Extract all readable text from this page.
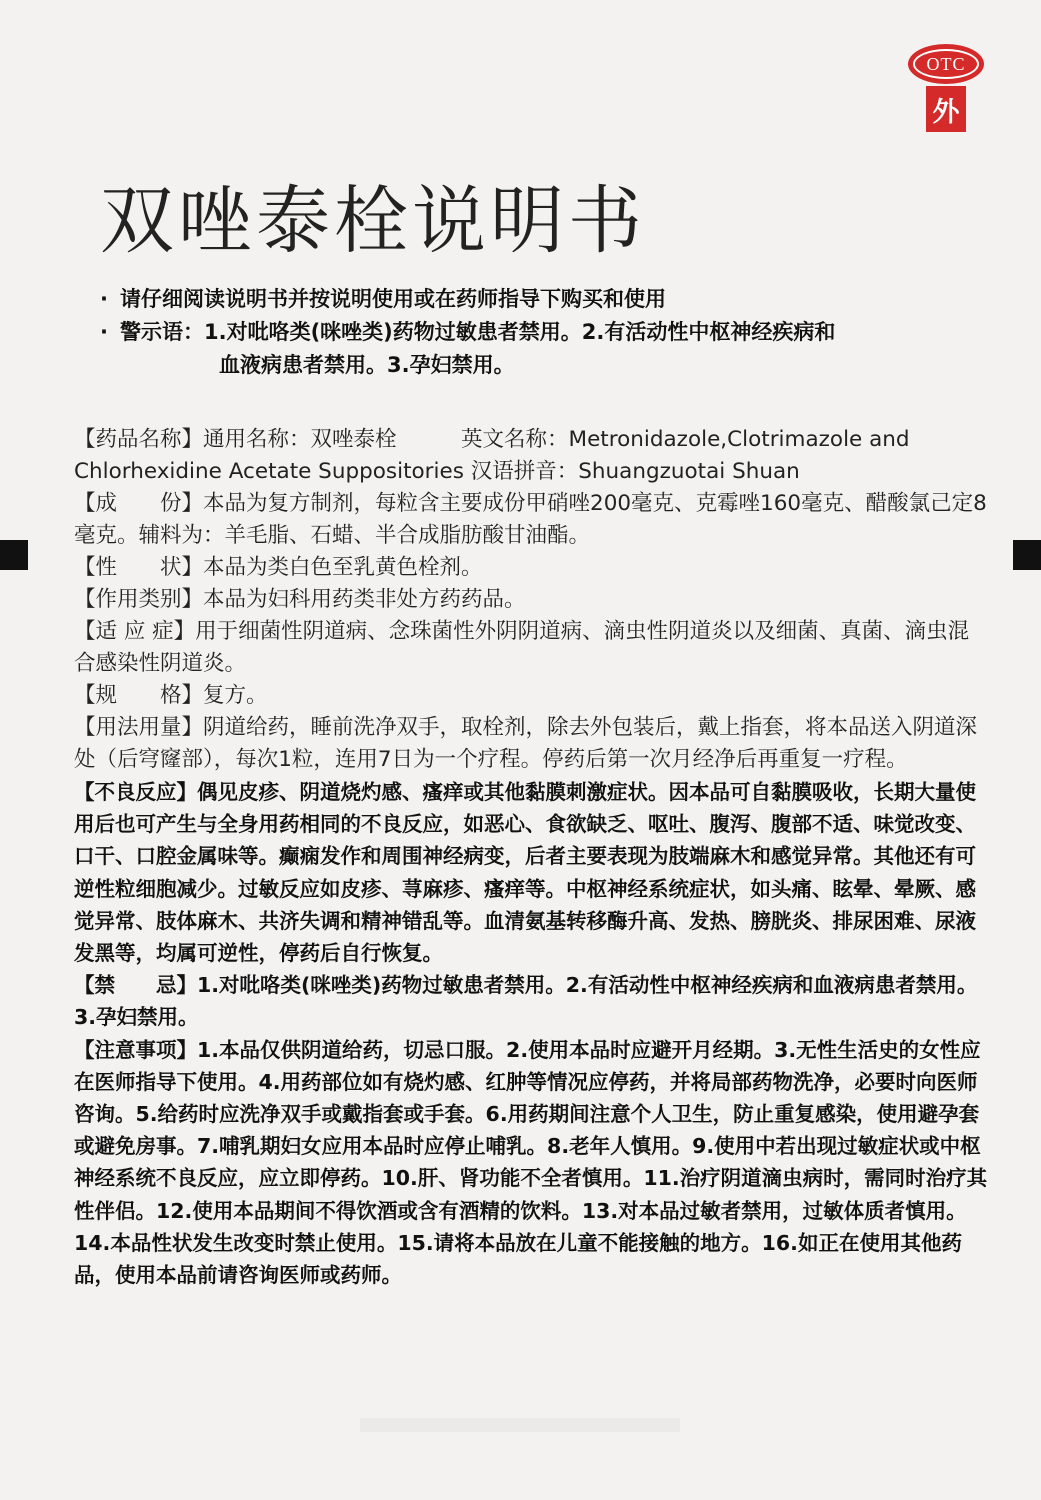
OTC
外
双唑泰栓说明书
· 请仔细阅读说明书并按说明使用或在药师指导下购买和使用
· 警示语： 1.对吡咯类(咪唑类)药物过敏患者禁用。2.有活动性中枢神经疾病和
血液病患者禁用。3.孕妇禁用。

【药品名称】通用名称：双唑泰栓　　　英文名称：Metronidazole,Clotrimazole and Chlorhexidine Acetate Suppositories 汉语拼音：Shuangzuotai Shuan

【成　　份】本品为复方制剂，每粒含主要成份甲硝唑200毫克、克霉唑160毫克、醋酸氯己定8毫克。辅料为：羊毛脂、石蜡、半合成脂肪酸甘油酯。

【性　　状】本品为类白色至乳黄色栓剂。

【作用类别】本品为妇科用药类非处方药药品。

【适 应 症】用于细菌性阴道病、念珠菌性外阴阴道病、滴虫性阴道炎以及细菌、真菌、滴虫混合感染性阴道炎。

【规　　格】复方。

【用法用量】阴道给药，睡前洗净双手，取栓剂，除去外包装后，戴上指套，将本品送入阴道深处（后穹窿部），每次1粒，连用7日为一个疗程。停药后第一次月经净后再重复一疗程。

【不良反应】偶见皮疹、阴道烧灼感、瘙痒或其他黏膜刺激症状。因本品可自黏膜吸收，长期大量使用后也可产生与全身用药相同的不良反应，如恶心、食欲缺乏、呕吐、腹泻、腹部不适、味觉改变、口干、口腔金属味等。癫痫发作和周围神经病变，后者主要表现为肢端麻木和感觉异常。其他还有可逆性粒细胞减少。过敏反应如皮疹、荨麻疹、瘙痒等。中枢神经系统症状，如头痛、眩晕、晕厥、感觉异常、肢体麻木、共济失调和精神错乱等。血清氨基转移酶升高、发热、膀胱炎、排尿困难、尿液发黑等，均属可逆性，停药后自行恢复。

【禁　　忌】1.对吡咯类(咪唑类)药物过敏患者禁用。2.有活动性中枢神经疾病和血液病患者禁用。3.孕妇禁用。

【注意事项】1.本品仅供阴道给药，切忌口服。2.使用本品时应避开月经期。3.无性生活史的女性应在医师指导下使用。4.用药部位如有烧灼感、红肿等情况应停药，并将局部药物洗净，必要时向医师咨询。5.给药时应洗净双手或戴指套或手套。6.用药期间注意个人卫生，防止重复感染，使用避孕套或避免房事。7.哺乳期妇女应用本品时应停止哺乳。8.老年人慎用。9.使用中若出现过敏症状或中枢神经系统不良反应，应立即停药。10.肝、肾功能不全者慎用。11.治疗阴道滴虫病时，需同时治疗其性伴侣。12.使用本品期间不得饮酒或含有酒精的饮料。13.对本品过敏者禁用，过敏体质者慎用。14.本品性状发生改变时禁止使用。15.请将本品放在儿童不能接触的地方。16.如正在使用其他药品，使用本品前请咨询医师或药师。
